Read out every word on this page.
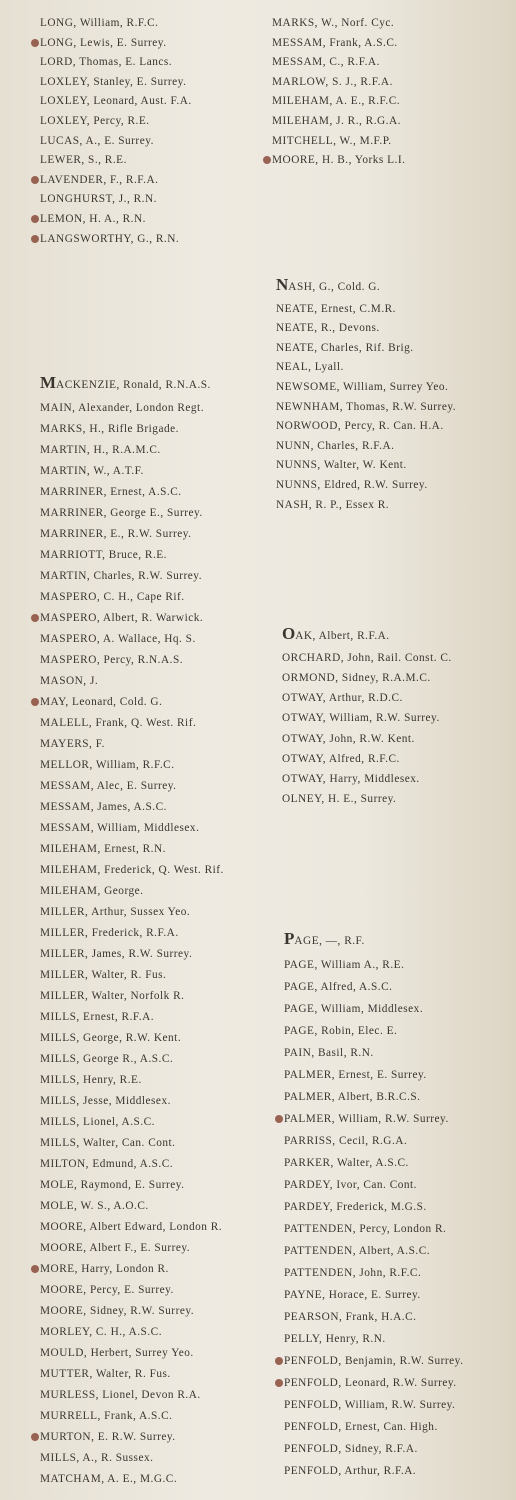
LONG, William, R.F.C.
LONG, Lewis, E. Surrey.
LORD, Thomas, E. Lancs.
LOXLEY, Stanley, E. Surrey.
LOXLEY, Leonard, Aust. F.A.
LOXLEY, Percy, R.E.
LUCAS, A., E. Surrey.
LEWER, S., R.E.
LAVENDER, F., R.F.A.
LONGHURST, J., R.N.
LEMON, H. A., R.N.
LANGSWORTHY, G., R.N.
MARKS, W., Norf. Cyc.
MESSAM, Frank, A.S.C.
MESSAM, C., R.F.A.
MARLOW, S. J., R.F.A.
MILEHAM, A. E., R.F.C.
MILEHAM, J. R., R.G.A.
MITCHELL, W., M.F.P.
MOORE, H. B., Yorks L.I.
NASH, G., Cold. G.
NEATE, Ernest, C.M.R.
NEATE, R., Devons.
NEATE, Charles, Rif. Brig.
NEAL, Lyall.
NEWSOME, William, Surrey Yeo.
NEWNHAM, Thomas, R.W. Surrey.
NORWOOD, Percy, R. Can. H.A.
NUNN, Charles, R.F.A.
NUNNS, Walter, W. Kent.
NUNNS, Eldred, R.W. Surrey.
NASH, R. P., Essex R.
MACKENZIE, Ronald, R.N.A.S.
MAIN, Alexander, London Regt.
MARKS, H., Rifle Brigade.
MARTIN, H., R.A.M.C.
MARTIN, W., A.T.F.
MARRINER, Ernest, A.S.C.
MARRINER, George E., Surrey.
MARRINER, E., R.W. Surrey.
MARRIOTT, Bruce, R.E.
MARTIN, Charles, R.W. Surrey.
MASPERO, C. H., Cape Rif.
MASPERO, Albert, R. Warwick.
MASPERO, A. Wallace, Hq. S.
MASPERO, Percy, R.N.A.S.
MASON, J.
MAY, Leonard, Cold. G.
MALELL, Frank, Q. West. Rif.
MAYERS, F.
MELLOR, William, R.F.C.
MESSAM, Alec, E. Surrey.
MESSAM, James, A.S.C.
MESSAM, William, Middlesex.
MILEHAM, Ernest, R.N.
MILEHAM, Frederick, Q. West. Rif.
MILEHAM, George.
MILLER, Arthur, Sussex Yeo.
MILLER, Frederick, R.F.A.
MILLER, James, R.W. Surrey.
MILLER, Walter, R. Fus.
MILLER, Walter, Norfolk R.
MILLS, Ernest, R.F.A.
MILLS, George, R.W. Kent.
MILLS, George R., A.S.C.
MILLS, Henry, R.E.
MILLS, Jesse, Middlesex.
MILLS, Lionel, A.S.C.
MILLS, Walter, Can. Cont.
MILTON, Edmund, A.S.C.
MOLE, Raymond, E. Surrey.
MOLE, W. S., A.O.C.
MOORE, Albert Edward, London R.
MOORE, Albert F., E. Surrey.
MORE, Harry, London R.
MOORE, Percy, E. Surrey.
MOORE, Sidney, R.W. Surrey.
MORLEY, C. H., A.S.C.
MOULD, Herbert, Surrey Yeo.
MUTTER, Walter, R. Fus.
MURLESS, Lionel, Devon R.A.
MURRELL, Frank, A.S.C.
MURTON, E. R.W. Surrey.
MILLS, A., R. Sussex.
MATCHAM, A. E., M.G.C.
OAK, Albert, R.F.A.
ORCHARD, John, Rail. Const. C.
ORMOND, Sidney, R.A.M.C.
OTWAY, Arthur, R.D.C.
OTWAY, William, R.W. Surrey.
OTWAY, John, R.W. Kent.
OTWAY, Alfred, R.F.C.
OTWAY, Harry, Middlesex.
OLNEY, H. E., Surrey.
PAGE, —, R.F.
PAGE, William A., R.E.
PAGE, Alfred, A.S.C.
PAGE, William, Middlesex.
PAGE, Robin, Elec. E.
PAIN, Basil, R.N.
PALMER, Ernest, E. Surrey.
PALMER, Albert, B.R.C.S.
PALMER, William, R.W. Surrey.
PARRISS, Cecil, R.G.A.
PARKER, Walter, A.S.C.
PARDEY, Ivor, Can. Cont.
PARDEY, Frederick, M.G.S.
PATTENDEN, Percy, London R.
PATTENDEN, Albert, A.S.C.
PATTENDEN, John, R.F.C.
PAYNE, Horace, E. Surrey.
PEARSON, Frank, H.A.C.
PELLY, Henry, R.N.
PENFOLD, Benjamin, R.W. Surrey.
PENFOLD, Leonard, R.W. Surrey.
PENFOLD, William, R.W. Surrey.
PENFOLD, Ernest, Can. High.
PENFOLD, Sidney, R.F.A.
PENFOLD, Arthur, R.F.A.
